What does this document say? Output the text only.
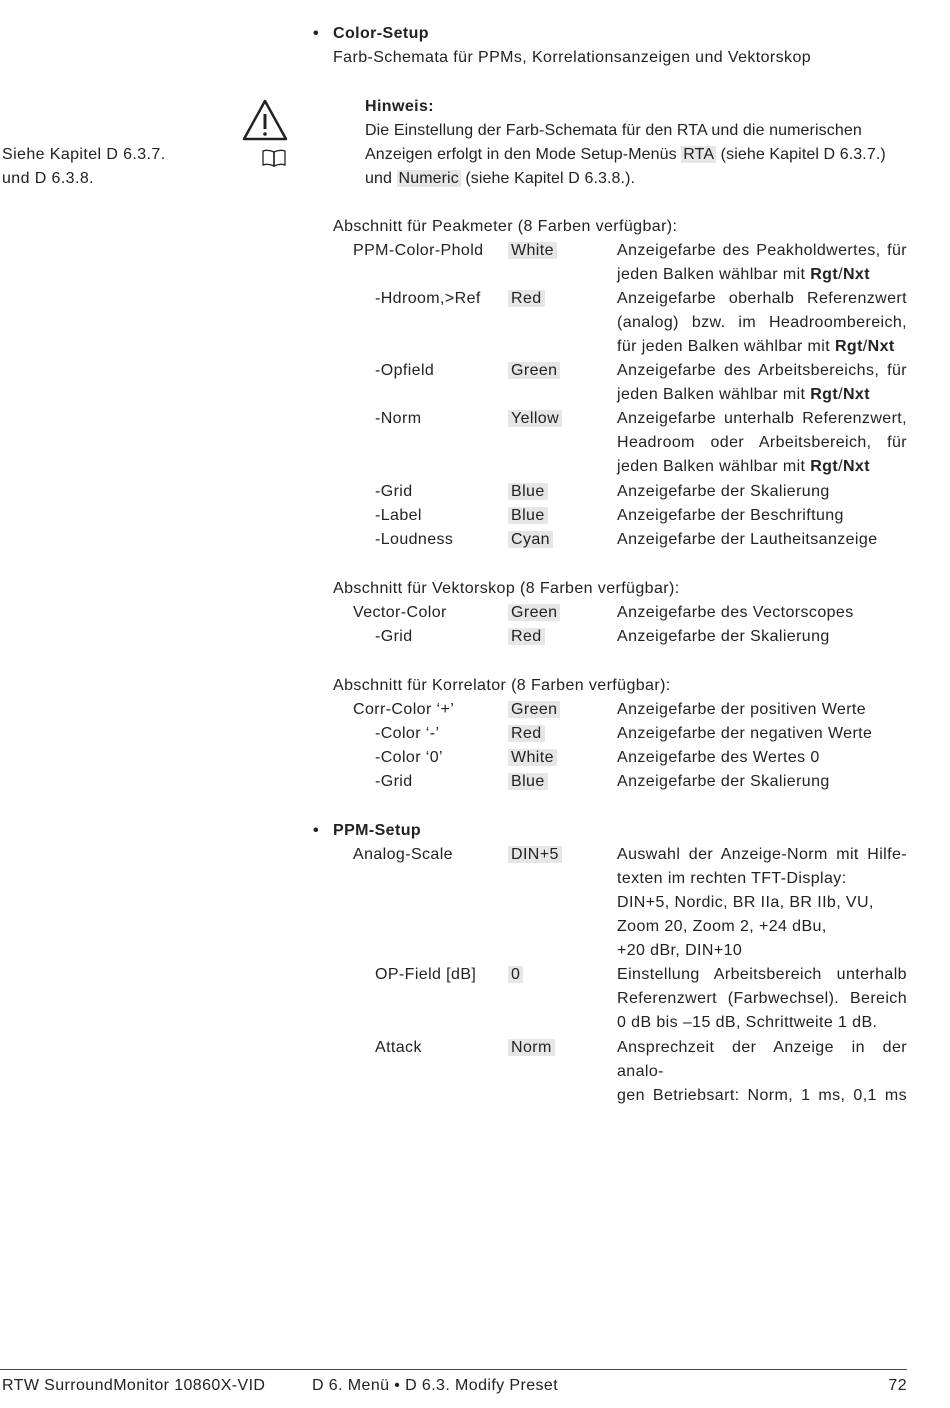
• Color-Setup
Farb-Schemata für PPMs, Korrelationsanzeigen und Vektorskop
Siehe Kapitel D 6.3.7.
und D 6.3.8.
Hinweis:
Die Einstellung der Farb-Schemata für den RTA und die numerischen
Anzeigen erfolgt in den Mode Setup-Menüs RTA (siehe Kapitel D 6.3.7.)
und Numeric (siehe Kapitel D 6.3.8.).
Abschnitt für Peakmeter (8 Farben verfügbar):
PPM-Color-Phold White	Anzeigefarbe des Peakholdwertes, für
jeden Balken wählbar mit Rgt/Nxt
-Hdroom,>Ref Red	Anzeigefarbe oberhalb Referenzwert
(analog) bzw. im Headroombereich,
für jeden Balken wählbar mit Rgt/Nxt
-Opfield	Green	Anzeigefarbe des Arbeitsbereichs, für
jeden Balken wählbar mit Rgt/Nxt
-Norm	Yellow	Anzeigefarbe unterhalb Referenzwert,
Headroom oder Arbeitsbereich, für
jeden Balken wählbar mit Rgt/Nxt
-Grid	Blue	Anzeigefarbe der Skalierung
-Label	Blue	Anzeigefarbe der Beschriftung
-Loudness	Cyan	Anzeigefarbe der Lautheitsanzeige
Abschnitt für Vektorskop (8 Farben verfügbar):
Vector-Color	Green	Anzeigefarbe des Vectorscopes
-Grid	Red	Anzeigefarbe der Skalierung
Abschnitt für Korrelator (8 Farben verfügbar):
Corr-Color ‘+’	Green	Anzeigefarbe der positiven Werte
-Color ‘-’	Red	Anzeigefarbe der negativen Werte
-Color ‘0’	White	Anzeigefarbe des Wertes 0
-Grid	Blue	Anzeigefarbe der Skalierung
• PPM-Setup
Analog-Scale	DIN+5	Auswahl der Anzeige-Norm mit Hilfe-
texten im rechten TFT-Display:
DIN+5, Nordic, BR IIa, BR IIb, VU,
Zoom 20, Zoom 2, +24 dBu,
+20 dBr, DIN+10
OP-Field [dB] 0	Einstellung Arbeitsbereich unterhalb
Referenzwert (Farbwechsel). Bereich
0 dB bis –15 dB, Schrittweite 1 dB.
Attack	Norm	Ansprechzeit der Anzeige in der analo-
gen Betriebsart: Norm, 1 ms, 0,1 ms
RTW SurroundMonitor 10860X-VID	D 6. Menü • D 6.3. Modify Preset	72
